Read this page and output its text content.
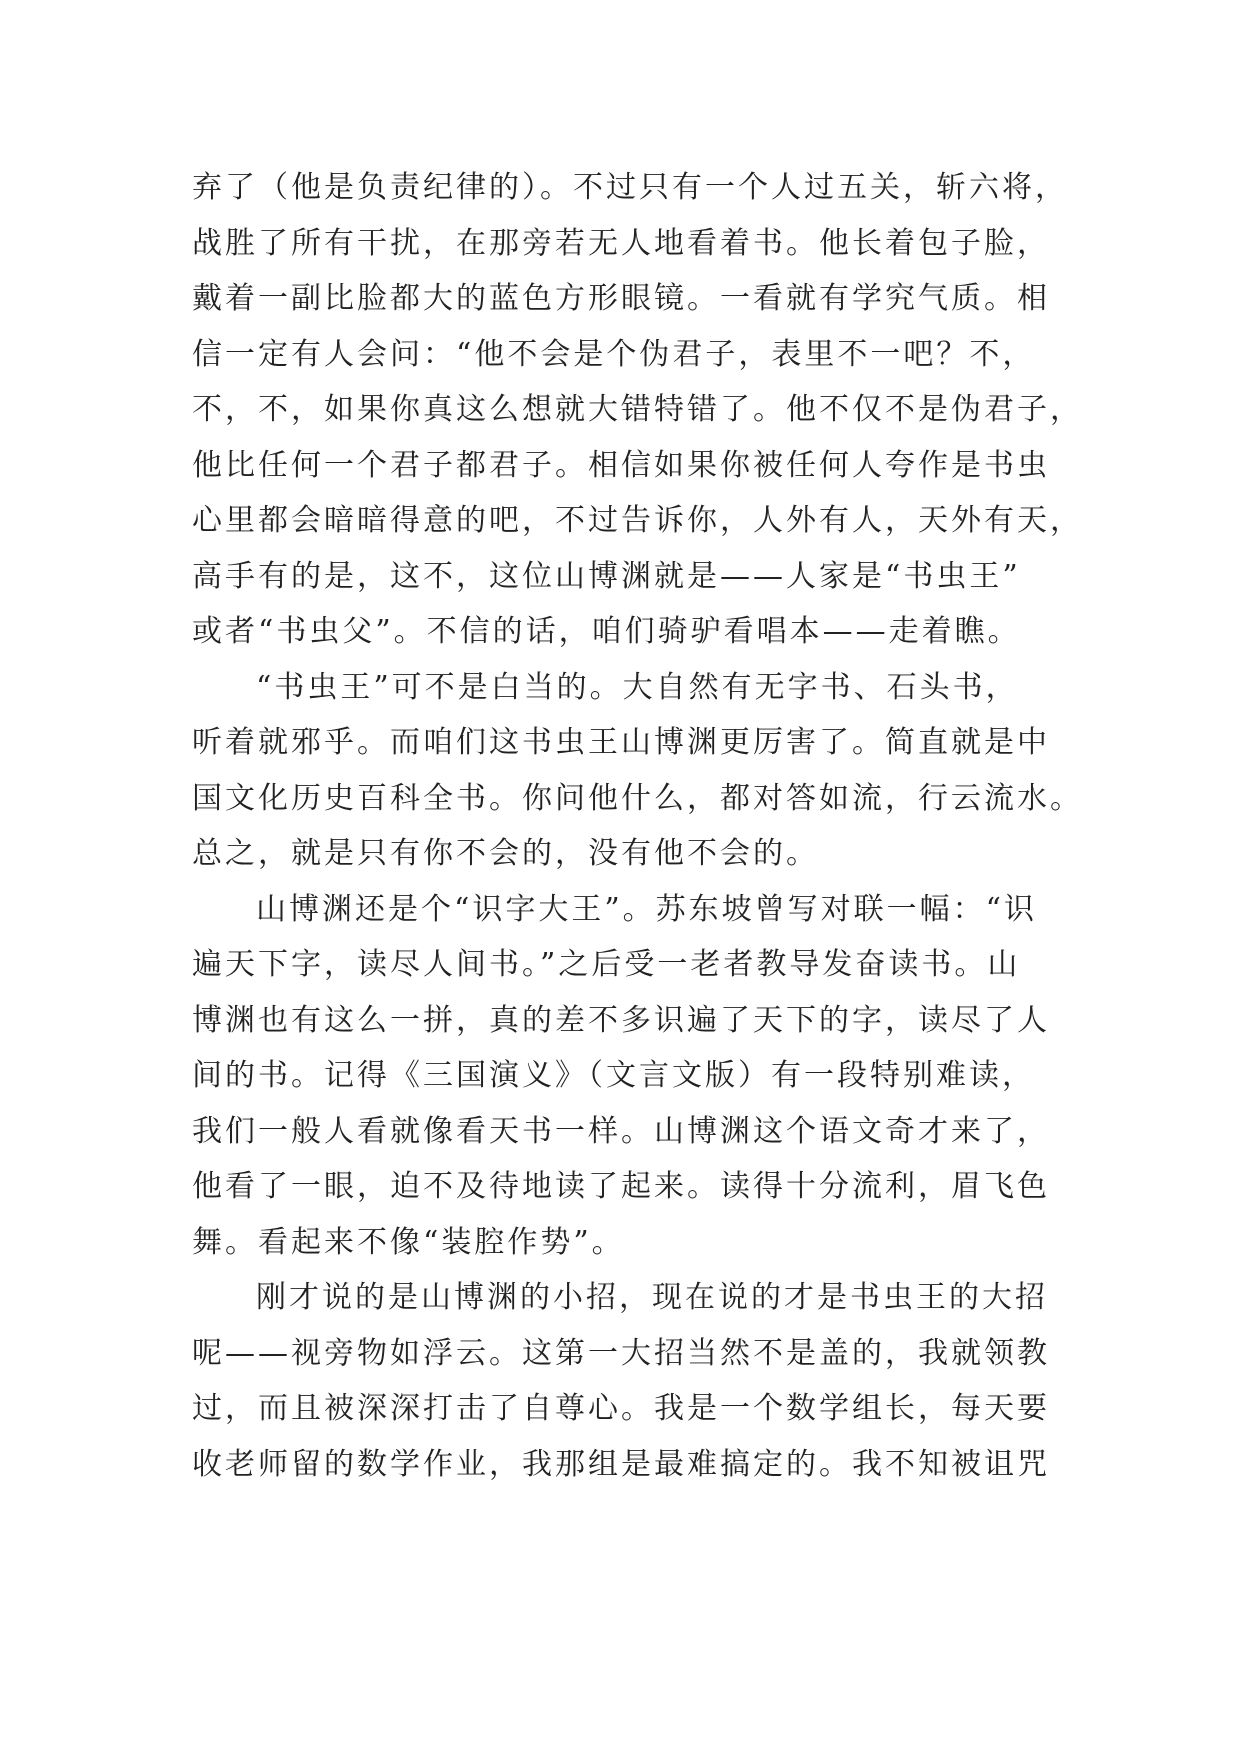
弃了（他是负责纪律的）。不过只有一个人过五关，斩六将，
战胜了所有干扰，在那旁若无人地看着书。他长着包子脸，
戴着一副比脸都大的蓝色方形眼镜。一看就有学究气质。相
信一定有人会问：“他不会是个伪君子，表里不一吧？不，
不，不，如果你真这么想就大错特错了。他不仅不是伪君子，
他比任何一个君子都君子。相信如果你被任何人夸作是书虫
心里都会暗暗得意的吧，不过告诉你，人外有人，天外有天，
高手有的是，这不，这位山博渊就是——人家是“书虫王”
或者“书虫父”。不信的话，咱们骑驴看唱本——走着瞧。
“书虫王”可不是白当的。大自然有无字书、石头书，
听着就邪乎。而咱们这书虫王山博渊更厉害了。简直就是中
国文化历史百科全书。你问他什么，都对答如流，行云流水。
总之，就是只有你不会的，没有他不会的。
山博渊还是个“识字大王”。苏东坡曾写对联一幅：“识
遍天下字，读尽人间书。”之后受一老者教导发奋读书。山
博渊也有这么一拼，真的差不多识遍了天下的字，读尽了人
间的书。记得《三国演义》（文言文版）有一段特别难读，
我们一般人看就像看天书一样。山博渊这个语文奇才来了，
他看了一眼，迫不及待地读了起来。读得十分流利，眉飞色
舞。看起来不像“装腔作势”。
刚才说的是山博渊的小招，现在说的才是书虫王的大招
呢——视旁物如浮云。这第一大招当然不是盖的，我就领教
过，而且被深深打击了自尊心。我是一个数学组长，每天要
收老师留的数学作业，我那组是最难搞定的。我不知被诅咒
